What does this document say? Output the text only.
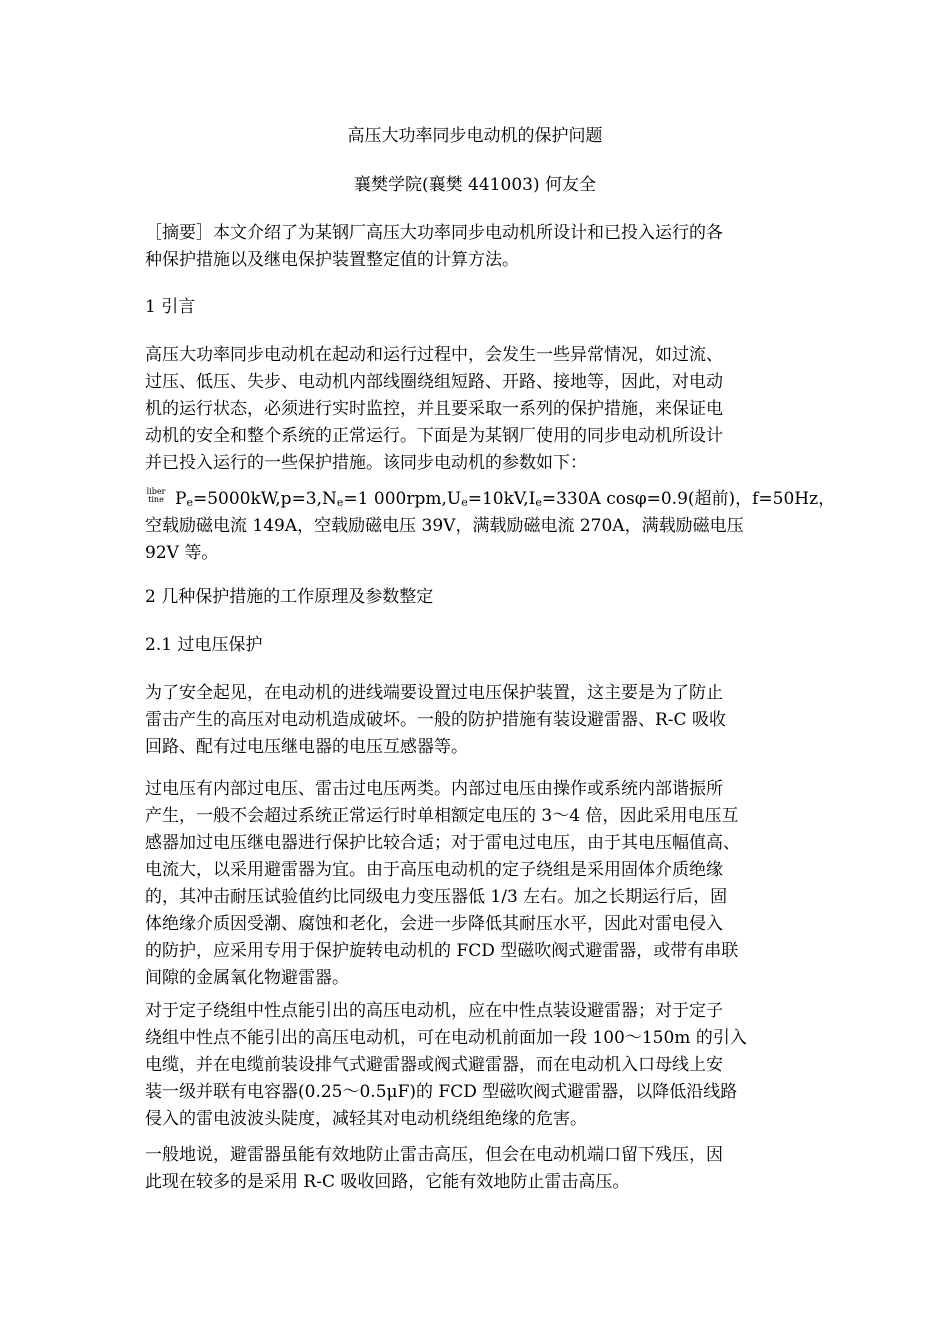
高压大功率同步电动机的保护问题
襄樊学院(襄樊 441003) 何友全
［摘要］本文介绍了为某钢厂高压大功率同步电动机所设计和已投入运行的各
种保护措施以及继电保护装置整定值的计算方法。
1 引言
高压大功率同步电动机在起动和运行过程中，会发生一些异常情况，如过流、
过压、低压、失步、电动机内部线圈绕组短路、开路、接地等，因此，对电动
机的运行状态，必须进行实时监控，并且要采取一系列的保护措施，来保证电
动机的安全和整个系统的正常运行。下面是为某钢厂使用的同步电动机所设计
并已投入运行的一些保护措施。该同步电动机的参数如下：
liber
tine Pe=5000kW,p=3,Ne=1 000rpm,Ue=10kV,Ie=330A cosφ=0.9(超前)，f=50Hz，
空载励磁电流 149A，空载励磁电压 39V，满载励磁电流 270A，满载励磁电压
92V 等。
2 几种保护措施的工作原理及参数整定
2.1 过电压保护
为了安全起见，在电动机的进线端要设置过电压保护装置，这主要是为了防止
雷击产生的高压对电动机造成破坏。一般的防护措施有装设避雷器、R-C 吸收
回路、配有过电压继电器的电压互感器等。
过电压有内部过电压、雷击过电压两类。内部过电压由操作或系统内部谐振所
产生，一般不会超过系统正常运行时单相额定电压的 3～4 倍，因此采用电压互
感器加过电压继电器进行保护比较合适；对于雷电过电压，由于其电压幅值高、
电流大，以采用避雷器为宜。由于高压电动机的定子绕组是采用固体介质绝缘
的，其冲击耐压试验值约比同级电力变压器低 1/3 左右。加之长期运行后，固
体绝缘介质因受潮、腐蚀和老化，会进一步降低其耐压水平，因此对雷电侵入
的防护，应采用专用于保护旋转电动机的 FCD 型磁吹阀式避雷器，或带有串联
间隙的金属氧化物避雷器。
对于定子绕组中性点能引出的高压电动机，应在中性点装设避雷器；对于定子
绕组中性点不能引出的高压电动机，可在电动机前面加一段 100～150m 的引入
电缆，并在电缆前装设排气式避雷器或阀式避雷器，而在电动机入口母线上安
装一级并联有电容器(0.25～0.5μF)的 FCD 型磁吹阀式避雷器，以降低沿线路
侵入的雷电波波头陡度，减轻其对电动机绕组绝缘的危害。
一般地说，避雷器虽能有效地防止雷击高压，但会在电动机端口留下残压，因
此现在较多的是采用 R-C 吸收回路，它能有效地防止雷击高压。
